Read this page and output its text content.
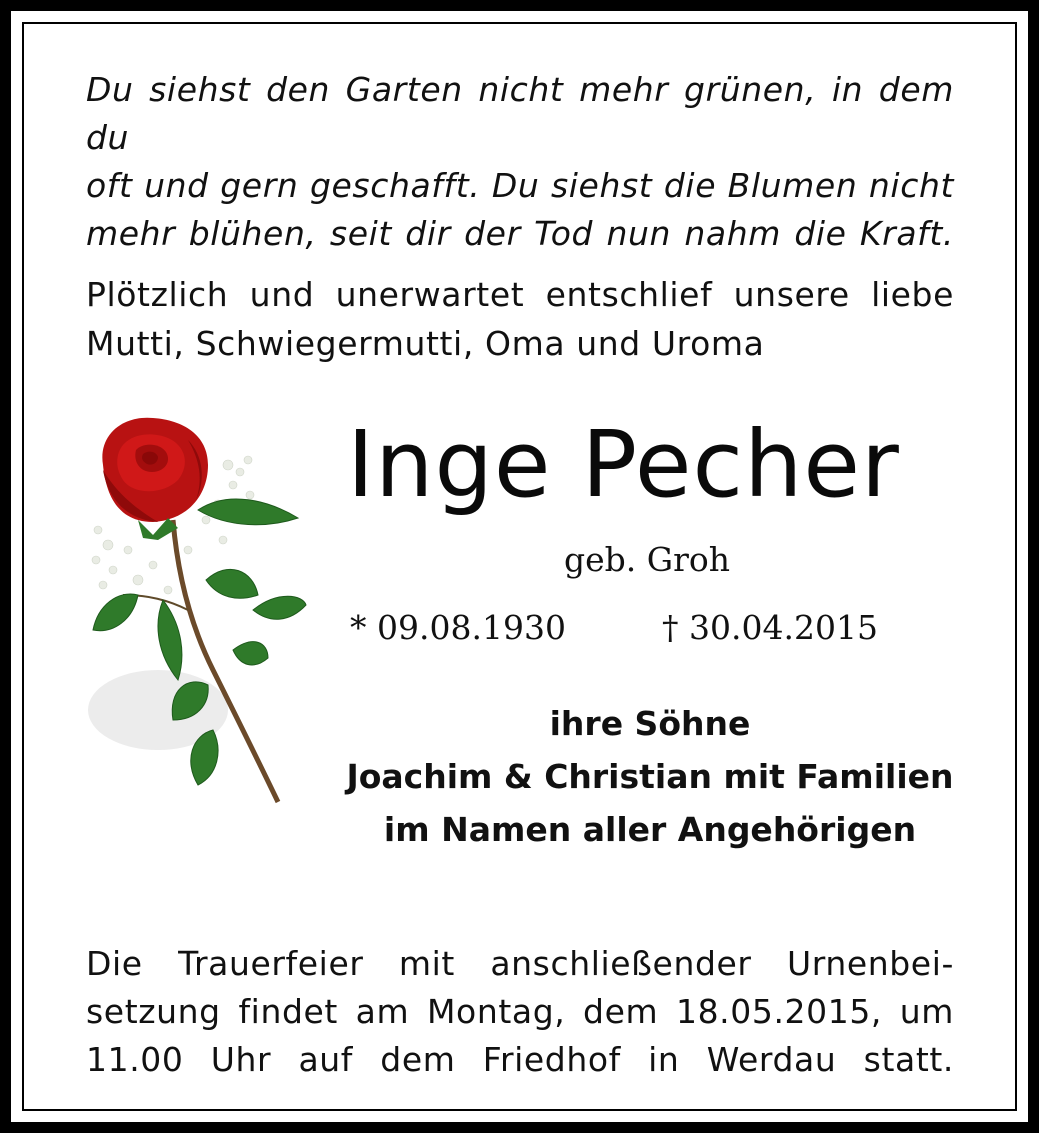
Du siehst den Garten nicht mehr grünen, in dem du
oft und gern geschafft. Du siehst die Blumen nicht
mehr blühen, seit dir der Tod nun nahm die Kraft.
Plötzlich und unerwartet entschlief unsere liebe
Mutti, Schwiegermutti, Oma und Uroma
Inge Pecher
geb. Groh
* 09.08.1930	† 30.04.2015
ihre Söhne
Joachim & Christian mit Familien
im Namen aller Angehörigen
Die Trauerfeier mit anschließender Urnenbei-
setzung findet am Montag, dem 18.05.2015, um
11.00 Uhr auf dem Friedhof in Werdau statt.
